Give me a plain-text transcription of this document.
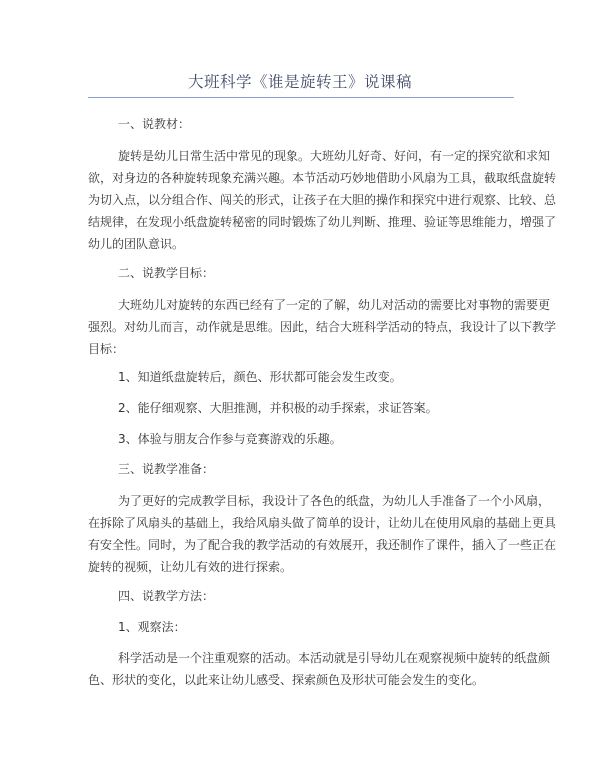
大班科学《谁是旋转王》说课稿
一、说教材：
旋转是幼儿日常生活中常见的现象。大班幼儿好奇、好问，有一定的探究欲和求知
欲，对身边的各种旋转现象充满兴趣。本节活动巧妙地借助小风扇为工具，截取纸盘旋转
为切入点，以分组合作、闯关的形式，让孩子在大胆的操作和探究中进行观察、比较、总
结规律，在发现小纸盘旋转秘密的同时锻炼了幼儿判断、推理、验证等思维能力，增强了
幼儿的团队意识。
二、说教学目标：
大班幼儿对旋转的东西已经有了一定的了解，幼儿对活动的需要比对事物的需要更
强烈。对幼儿而言，动作就是思维。因此，结合大班科学活动的特点，我设计了以下教学
目标：
1、知道纸盘旋转后，颜色、形状都可能会发生改变。
2、能仔细观察、大胆推测，并积极的动手探索，求证答案。
3、体验与朋友合作参与竞赛游戏的乐趣。
三、说教学准备：
为了更好的完成教学目标，我设计了各色的纸盘，为幼儿人手准备了一个小风扇，
在拆除了风扇头的基础上，我给风扇头做了简单的设计，让幼儿在使用风扇的基础上更具
有安全性。同时，为了配合我的教学活动的有效展开，我还制作了课件，插入了一些正在
旋转的视频，让幼儿有效的进行探索。
四、说教学方法：
1、观察法：
科学活动是一个注重观察的活动。本活动就是引导幼儿在观察视频中旋转的纸盘颜
色、形状的变化，以此来让幼儿感受、探索颜色及形状可能会发生的变化。
